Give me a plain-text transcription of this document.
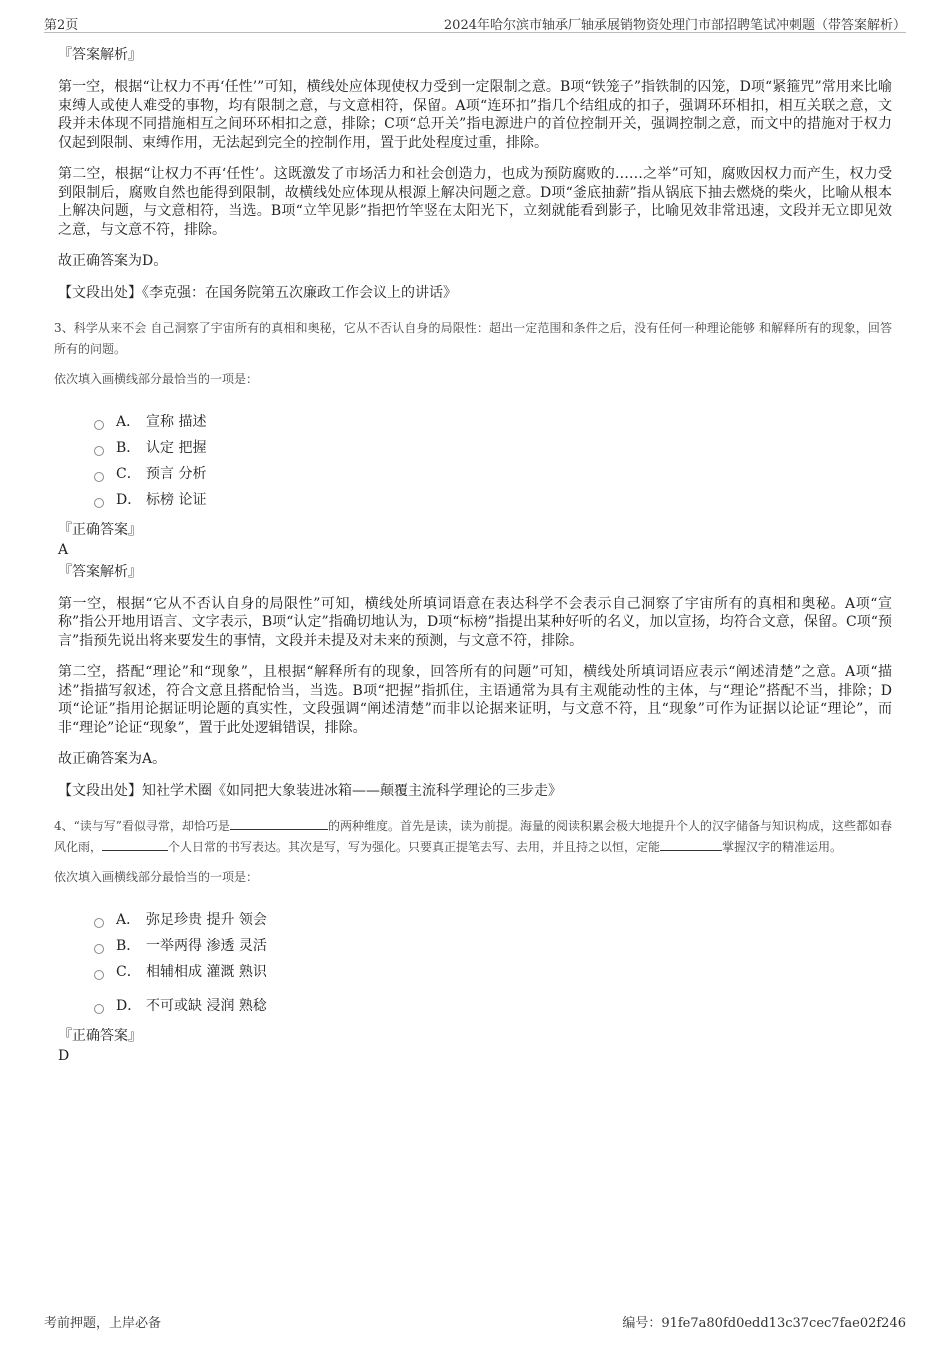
第2页	2024年哈尔滨市轴承厂轴承展销物资处理门市部招聘笔试冲刺题（带答案解析）
『答案解析』

第一空，根据“让权力不再‘任性’”可知，横线处应体现使权力受到一定限制之意。B项“铁笼子”指铁制的囚笼，D项“紧箍咒”常用来比喻束缚人或使人难受的事物，均有限制之意，与文意相符，保留。A项“连环扣”指几个结组成的扣子，强调环环相扣，相互关联之意，文段并未体现不同措施相互之间环环相扣之意，排除；C项“总开关”指电源进户的首位控制开关，强调控制之意，而文中的措施对于权力仅起到限制、束缚作用，无法起到完全的控制作用，置于此处程度过重，排除。

第二空，根据“让权力不再‘任性’。这既激发了市场活力和社会创造力，也成为预防腐败的……之举”可知，腐败因权力而产生，权力受到限制后，腐败自然也能得到限制，故横线处应体现从根源上解决问题之意。D项“釜底抽薪”指从锅底下抽去燃烧的柴火，比喻从根本上解决问题，与文意相符，当选。B项“立竿见影”指把竹竿竖在太阳光下，立刻就能看到影子，比喻见效非常迅速，文段并无立即见效之意，与文意不符，排除。

故正确答案为D。

【文段出处】《李克强：在国务院第五次廉政工作会议上的讲话》

3、科学从来不会 自己洞察了宇宙所有的真相和奥秘，它从不否认自身的局限性：超出一定范围和条件之后，没有任何一种理论能够 和解释所有的现象，回答所有的问题。

依次填入画横线部分最恰当的一项是：

A． 宣称 描述
B． 认定 把握
C． 预言 分析
D． 标榜 论证
『正确答案』
A
『答案解析』

第一空，根据“它从不否认自身的局限性”可知，横线处所填词语意在表达科学不会表示自己洞察了宇宙所有的真相和奥秘。A项“宣称”指公开地用语言、文字表示，B项“认定”指确切地认为，D项“标榜”指提出某种好听的名义，加以宣扬，均符合文意，保留。C项“预言”指预先说出将来要发生的事情，文段并未提及对未来的预测，与文意不符，排除。

第二空，搭配“理论”和“现象”，且根据“解释所有的现象，回答所有的问题”可知，横线处所填词语应表示“阐述清楚”之意。A项“描述”指描写叙述，符合文意且搭配恰当，当选。B项“把握”指抓住，主语通常为具有主观能动性的主体，与“理论”搭配不当，排除；D项“论证”指用论据证明论题的真实性，文段强调“阐述清楚”而非以论据来证明，与文意不符，且“现象”可作为证据以论证“理论”，而非“理论”论证“现象”，置于此处逻辑错误，排除。

故正确答案为A。

【文段出处】知社学术圈《如同把大象装进冰箱——颠覆主流科学理论的三步走》

4、“读与写”看似寻常，却恰巧是	的两种维度。首先是读，读为前提。海量的阅读积累会极大地提升个人的汉字储备与知识构成，这些都如春风化雨，	个人日常的书写表达。其次是写，写为强化。只要真正提笔去写、去用，并且持之以恒，定能	掌握汉字的精准运用。

依次填入画横线部分最恰当的一项是：

A． 弥足珍贵 提升 领会
B． 一举两得 渗透 灵活
C． 相辅相成 灌溉 熟识
D． 不可或缺 浸润 熟稔
『正确答案』
D
考前押题，上岸必备	编号：91fe7a80fd0edd13c37cec7fae02f246
